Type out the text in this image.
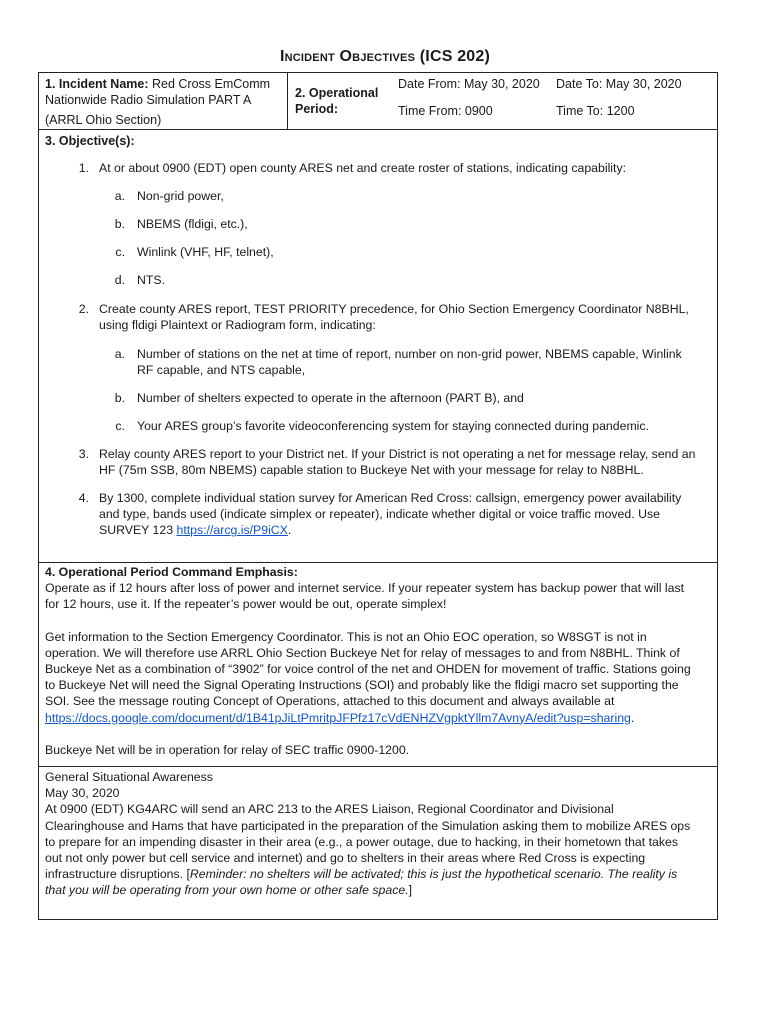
Incident Objectives (ICS 202)
1. Incident Name: Red Cross EmComm
Nationwide Radio Simulation PART A
(ARRL Ohio Section)
2. Operational
Period:
Date From: May 30, 2020 Date To: May 30, 2020
Time From: 0900	Time To: 1200
3. Objective(s):
1. At or about 0900 (EDT) open county ARES net and create roster of stations, indicating capability:
a. Non-grid power,
b. NBEMS (fldigi, etc.),
c. Winlink (VHF, HF, telnet),
d. NTS.
2. Create county ARES report, TEST PRIORITY precedence, for Ohio Section Emergency Coordinator N8BHL,
using fldigi Plaintext or Radiogram form, indicating:
a. Number of stations on the net at time of report, number on non-grid power, NBEMS capable, Winlink
RF capable, and NTS capable,
b. Number of shelters expected to operate in the afternoon (PART B), and
c. Your ARES group’s favorite videoconferencing system for staying connected during pandemic.
3. Relay county ARES report to your District net. If your District is not operating a net for message relay, send an
HF (75m SSB, 80m NBEMS) capable station to Buckeye Net with your message for relay to N8BHL.
4. By 1300, complete individual station survey for American Red Cross: callsign, emergency power availability
and type, bands used (indicate simplex or repeater), indicate whether digital or voice traffic moved. Use
SURVEY 123 https://arcg.is/P9iCX.
4. Operational Period Command Emphasis:
Operate as if 12 hours after loss of power and internet service. If your repeater system has backup power that will last
for 12 hours, use it. If the repeater’s power would be out, operate simplex!
Get information to the Section Emergency Coordinator. This is not an Ohio EOC operation, so W8SGT is not in
operation. We will therefore use ARRL Ohio Section Buckeye Net for relay of messages to and from N8BHL. Think of
Buckeye Net as a combination of “3902” for voice control of the net and OHDEN for movement of traffic. Stations going
to Buckeye Net will need the Signal Operating Instructions (SOI) and probably like the fldigi macro set supporting the
SOI. See the message routing Concept of Operations, attached to this document and always available at
https://docs.google.com/document/d/1B41pJiLtPmritpJFPfz17cVdENHZVgpktYllm7AvnyA/edit?usp=sharing.
Buckeye Net will be in operation for relay of SEC traffic 0900-1200.
General Situational Awareness
May 30, 2020
At 0900 (EDT) KG4ARC will send an ARC 213 to the ARES Liaison, Regional Coordinator and Divisional
Clearinghouse and Hams that have participated in the preparation of the Simulation asking them to mobilize ARES ops
to prepare for an impending disaster in their area (e.g., a power outage, due to hacking, in their hometown that takes
out not only power but cell service and internet) and go to shelters in their areas where Red Cross is expecting
infrastructure disruptions. [Reminder: no shelters will be activated; this is just the hypothetical scenario. The reality is
that you will be operating from your own home or other safe space.]
